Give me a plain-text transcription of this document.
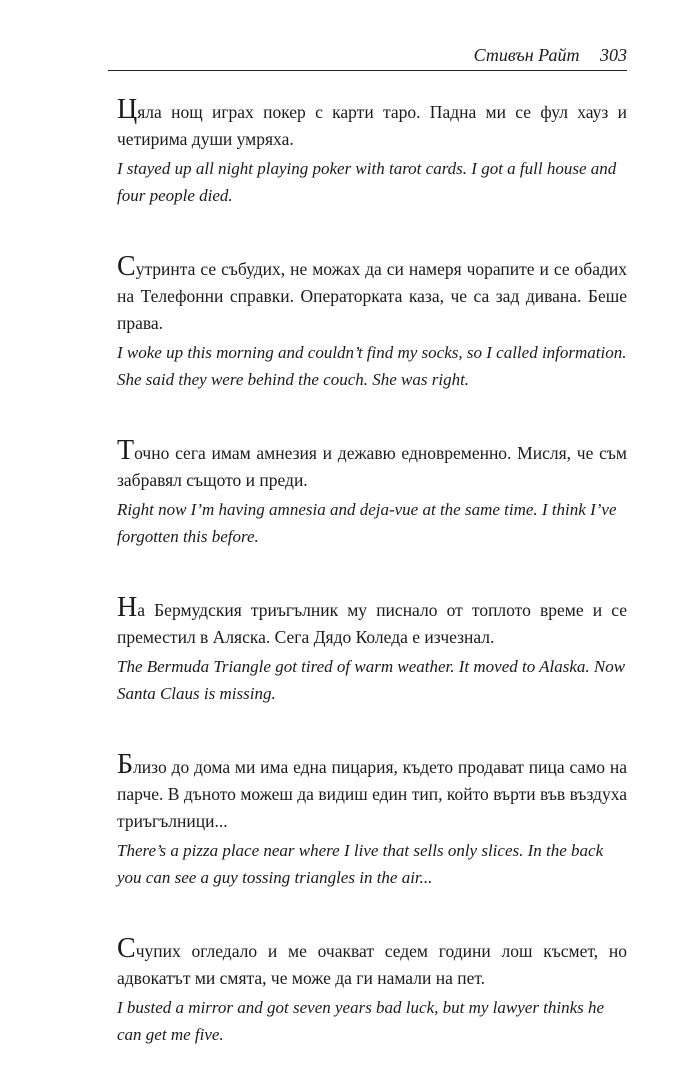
Стивън Райт 303

Цяла нощ играх покер с карти таро. Падна ми се фул хауз и четирима души умряха.

I stayed up all night playing poker with tarot cards. I got a full house and four people died.

Сутринта се събудих, не можах да си намеря чорапите и се обадих на Телефонни справки. Операторката каза, че са зад дивана. Беше права.

I woke up this morning and couldn’t find my socks, so I called information. She said they were behind the couch. She was right.

Точно сега имам амнезия и дежавю едновременно. Мисля, че съм забравял същото и преди.

Right now I’m having amnesia and deja-vue at the same time. I think I’ve forgotten this before.

На Бермудския триъгълник му писнало от топлото време и се преместил в Аляска. Сега Дядо Коледа е изчезнал.

The Bermuda Triangle got tired of warm weather. It moved to Alaska. Now Santa Claus is missing.

Близо до дома ми има една пицария, където продават пица само на парче. В дъното можеш да видиш един тип, който върти във въздуха триъгълници...

There’s a pizza place near where I live that sells only slices. In the back you can see a guy tossing triangles in the air...

Счупих огледало и ме очакват седем години лош късмет, но адвокатът ми смята, че може да ги намали на пет.

I busted a mirror and got seven years bad luck, but my lawyer thinks he can get me five.
